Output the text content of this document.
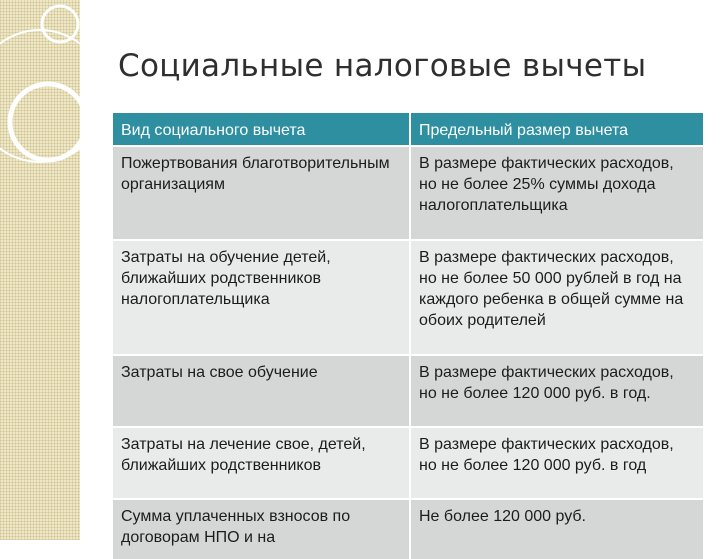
Социальные налоговые вычеты
Вид социального вычета	Предельный размер вычета
Пожертвования благотворительным организациям	В размере фактических расходов, но не более 25% суммы дохода налогоплательщика
Затраты на обучение детей, ближайших родственников налогоплательщика	В размере фактических расходов, но не более 50 000 рублей в год на каждого ребенка в общей сумме на обоих родителей
Затраты на свое обучение	В размере фактических расходов, но не более 120 000 руб. в год.
Затраты на лечение свое, детей, ближайших родственников	В размере фактических расходов, но не более 120 000 руб. в год
Сумма уплаченных взносов по договорам НПО и на	Не более 120 000 руб.
